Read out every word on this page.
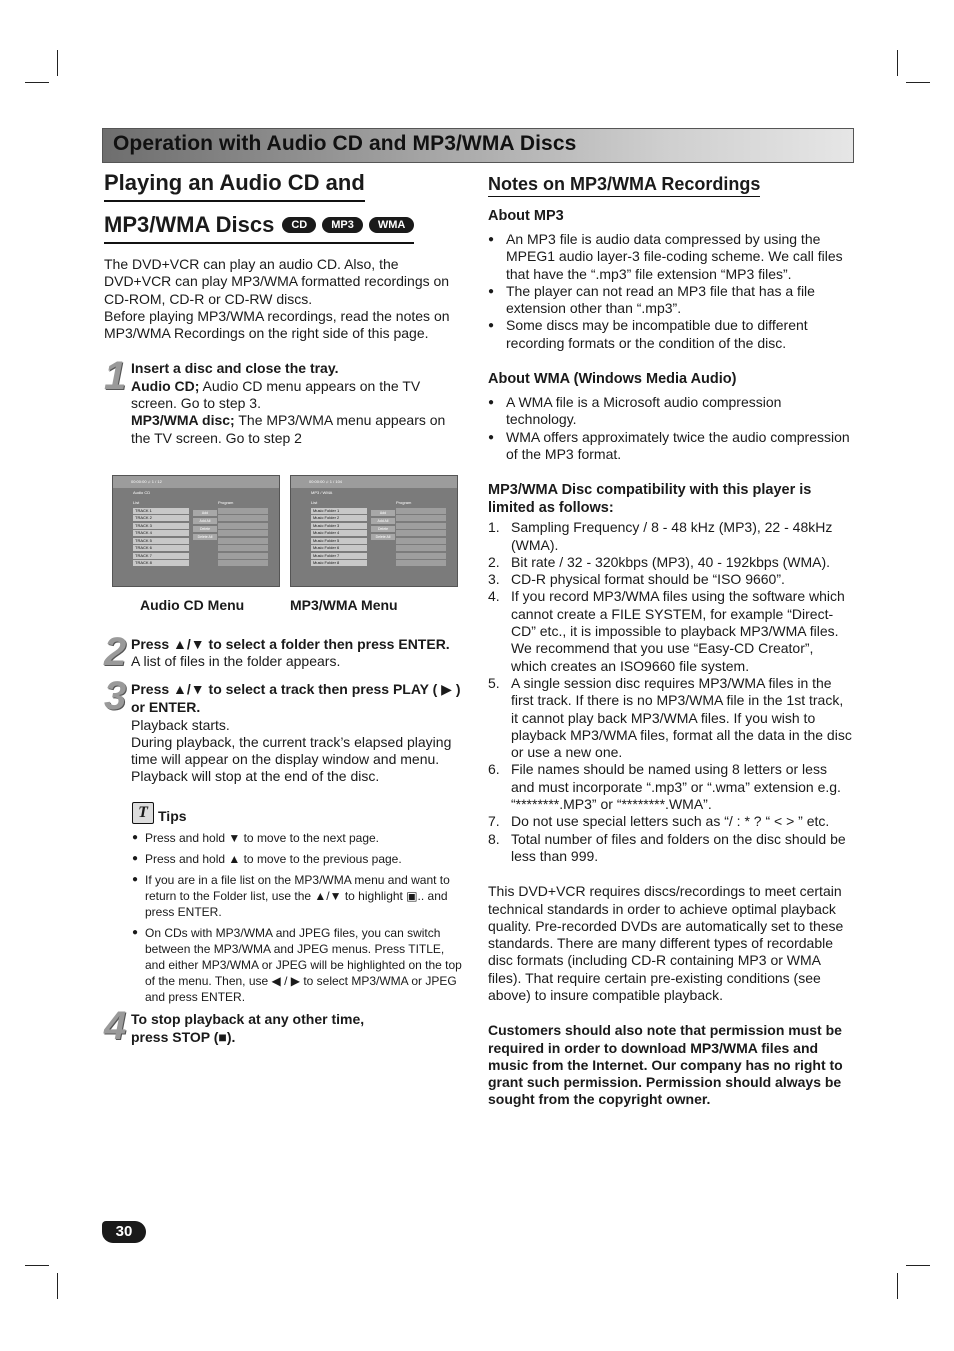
Operation with Audio CD and MP3/WMA Discs
Playing an Audio CD and
MP3/WMA Discs	CD	MP3	WMA

The DVD+VCR can play an audio CD. Also, the DVD+VCR can play MP3/WMA formatted recordings on CD-ROM, CD-R or CD-RW discs.

Before playing MP3/WMA recordings, read the notes on MP3/WMA Recordings on the right side of this page.

1 Insert a disc and close the tray.

Audio CD; Audio CD menu appears on the TV screen. Go to step 3.

MP3/WMA disc; The MP3/WMA menu appears on the TV screen. Go to step 2

00:00:00 ♫ 1 / 12
Audio CD
List
TRACK 1
TRACK 2
TRACK 3
TRACK 4
TRACK 5
TRACK 6
TRACK 7
TRACK 8
Add
Add All
Delete
Delete All
Program
00:00:00 ♫ 1 / 104
MP3 / WMA
List
Music Folder 1
Music Folder 2
Music Folder 3
Music Folder 4
Music Folder 5
Music Folder 6
Music Folder 7
Music Folder 8
Add
Add All
Delete
Delete All
Program
Audio CD Menu	MP3/WMA Menu
2 Press ▲/▼ to select a folder then press ENTER.

A list of files in the folder appears.

3 Press ▲/▼ to select a track then press PLAY ( ▶ ) or ENTER.

Playback starts.

During playback, the current track’s elapsed playing time will appear on the display window and menu. Playback will stop at the end of the disc.

T Tips
● Press and hold ▼ to move to the next page.
● Press and hold ▲ to move to the previous page.
● If you are in a file list on the MP3/WMA menu and want to return to the Folder list, use the ▲/▼ to highlight ▣.. and press ENTER.
● On CDs with MP3/WMA and JPEG files, you can switch between the MP3/WMA and JPEG menus. Press TITLE, and either MP3/WMA or JPEG will be highlighted on the top of the menu. Then, use ◀ / ▶ to select MP3/WMA or JPEG and press ENTER.
4 To stop playback at any other time, press STOP (■).

Notes on MP3/WMA Recordings
About MP3
● An MP3 file is audio data compressed by using the MPEG1 audio layer-3 file-coding scheme. We call files that have the “.mp3” file extension “MP3 files”.
● The player can not read an MP3 file that has a file extension other than “.mp3”.
● Some discs may be incompatible due to different recording formats or the condition of the disc.
About WMA (Windows Media Audio)
● A WMA file is a Microsoft audio compression technology.
● WMA offers approximately twice the audio compression of the MP3 format.
MP3/WMA Disc compatibility with this player is limited as follows:
1. Sampling Frequency / 8 - 48 kHz (MP3), 22 - 48kHz (WMA).
2. Bit rate / 32 - 320kbps (MP3), 40 - 192kbps (WMA).
3. CD-R physical format should be “ISO 9660”.
4. If you record MP3/WMA files using the software which cannot create a FILE SYSTEM, for example “Direct-CD” etc., it is impossible to playback MP3/WMA files. We recommend that you use “Easy-CD Creator”, which creates an ISO9660 file system.
5. A single session disc requires MP3/WMA files in the first track. If there is no MP3/WMA file in the 1st track, it cannot play back MP3/WMA files. If you wish to playback MP3/WMA files, format all the data in the disc or use a new one.
6. File names should be named using 8 letters or less and must incorporate “.mp3” or “.wma” extension e.g. “********.MP3” or “********.WMA”.
7. Do not use special letters such as “/ : * ? “ < > ” etc.
8. Total number of files and folders on the disc should be less than 999.

This DVD+VCR requires discs/recordings to meet certain technical standards in order to achieve optimal playback quality. Pre-recorded DVDs are automatically set to these standards. There are many different types of recordable disc formats (including CD-R containing MP3 or WMA files). That require certain pre-existing conditions (see above) to insure compatible playback.

Customers should also note that permission must be required in order to download MP3/WMA files and music from the Internet. Our company has no right to grant such permission. Permission should always be sought from the copyright owner.

30
